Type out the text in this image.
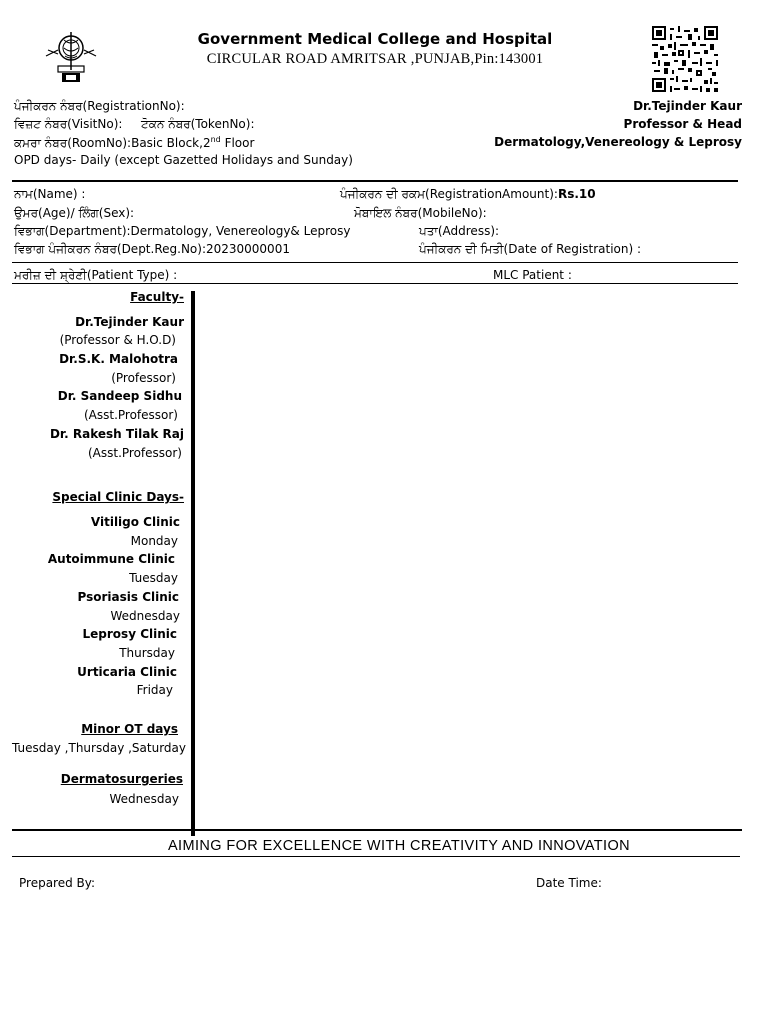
Government Medical College and Hospital
CIRCULAR ROAD AMRITSAR ,PUNJAB,Pin:143001
ਪੰਜੀਕਰਨ ਨੰਬਰ(RegistrationNo):
ਵਿਜ਼ਟ ਨੰਬਰ(VisitNo): ਟੋਕਨ ਨੰਬਰ(TokenNo):
ਕਮਰਾ ਨੰਬਰ(RoomNo):Basic Block,2nd Floor
OPD days- Daily (except Gazetted Holidays and Sunday)
Dr.Tejinder Kaur
Professor & Head
Dermatology,Venereology & Leprosy
ਨਾਮ(Name) :	ਪੰਜੀਕਰਨ ਦੀ ਰਕਮ(RegistrationAmount):Rs.10
ਉਮਰ(Age)/ ਲਿੰਗ(Sex):	ਮੋਬਾਇਲ ਨੰਬਰ(MobileNo):
ਵਿਭਾਗ(Department):Dermatology, Venereology& Leprosy	ਪਤਾ(Address):
ਵਿਭਾਗ ਪੰਜੀਕਰਨ ਨੰਬਰ(Dept.Reg.No):20230000001	ਪੰਜੀਕਰਨ ਦੀ ਮਿਤੀ(Date of Registration) :
ਮਰੀਜ਼ ਦੀ ਸ਼੍ਰੇਣੀ(Patient Type) :	MLC Patient :
Faculty-
Dr.Tejinder Kaur
(Professor & H.O.D)
Dr.S.K. Malohotra
(Professor)
Dr. Sandeep Sidhu
(Asst.Professor)
Dr. Rakesh Tilak Raj
(Asst.Professor)
Special Clinic Days-
Vitiligo Clinic
Monday
Autoimmune Clinic
Tuesday
Psoriasis Clinic
Wednesday
Leprosy Clinic
Thursday
Urticaria Clinic
Friday
Minor OT days
Tuesday ,Thursday ,Saturday
Dermatosurgeries
Wednesday
AIMING FOR EXCELLENCE WITH CREATIVITY AND INNOVATION
Prepared By:	Date Time:
